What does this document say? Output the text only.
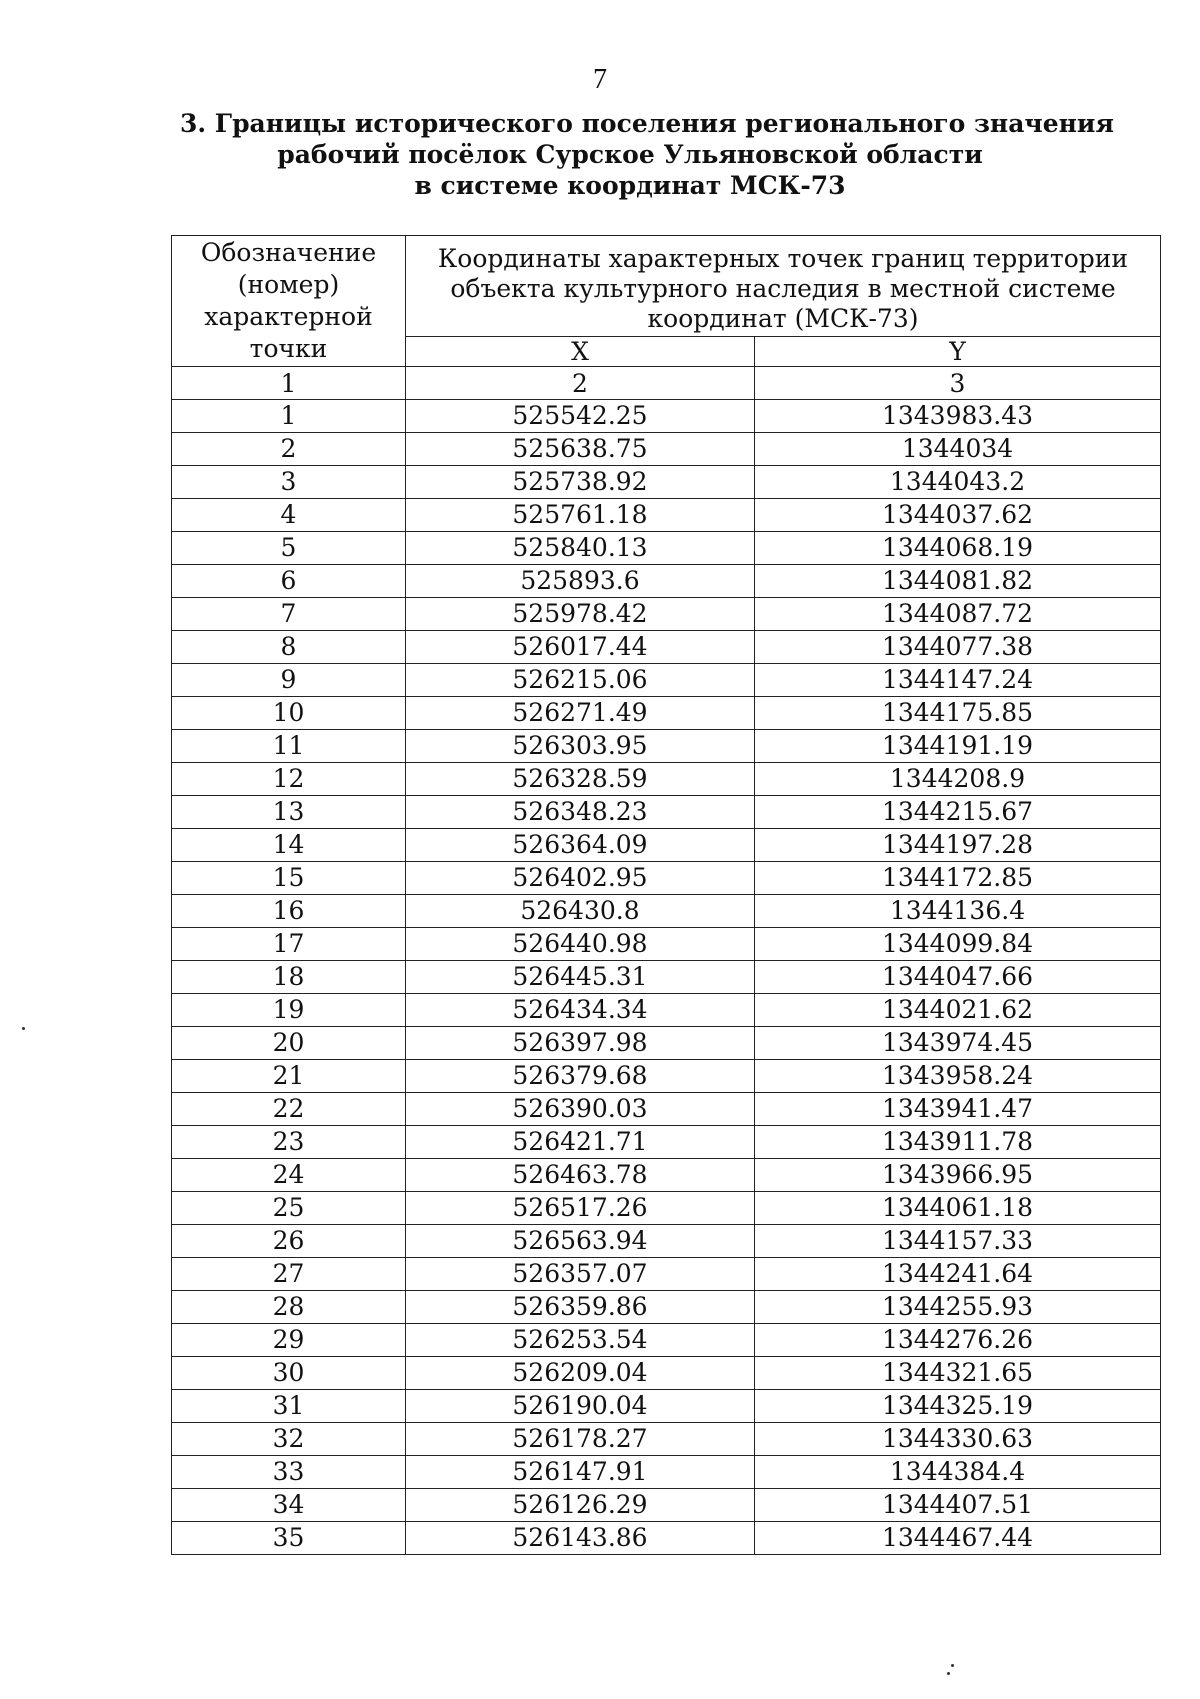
7
3. Границы исторического поселения регионального значения
рабочий посёлок Сурское Ульяновской области
в системе координат МСК-73
Обозначение (номер) характерной точки	Координаты характерных точек границ территории объекта культурного наследия в местной системе координат (МСК-73)	
	X	Y
1	2	3
1	525542.25	1343983.43
2	525638.75	1344034
3	525738.92	1344043.2
4	525761.18	1344037.62
5	525840.13	1344068.19
6	525893.6	1344081.82
7	525978.42	1344087.72
8	526017.44	1344077.38
9	526215.06	1344147.24
10	526271.49	1344175.85
11	526303.95	1344191.19
12	526328.59	1344208.9
13	526348.23	1344215.67
14	526364.09	1344197.28
15	526402.95	1344172.85
16	526430.8	1344136.4
17	526440.98	1344099.84
18	526445.31	1344047.66
19	526434.34	1344021.62
20	526397.98	1343974.45
21	526379.68	1343958.24
22	526390.03	1343941.47
23	526421.71	1343911.78
24	526463.78	1343966.95
25	526517.26	1344061.18
26	526563.94	1344157.33
27	526357.07	1344241.64
28	526359.86	1344255.93
29	526253.54	1344276.26
30	526209.04	1344321.65
31	526190.04	1344325.19
32	526178.27	1344330.63
33	526147.91	1344384.4
34	526126.29	1344407.51
35	526143.86	1344467.44
